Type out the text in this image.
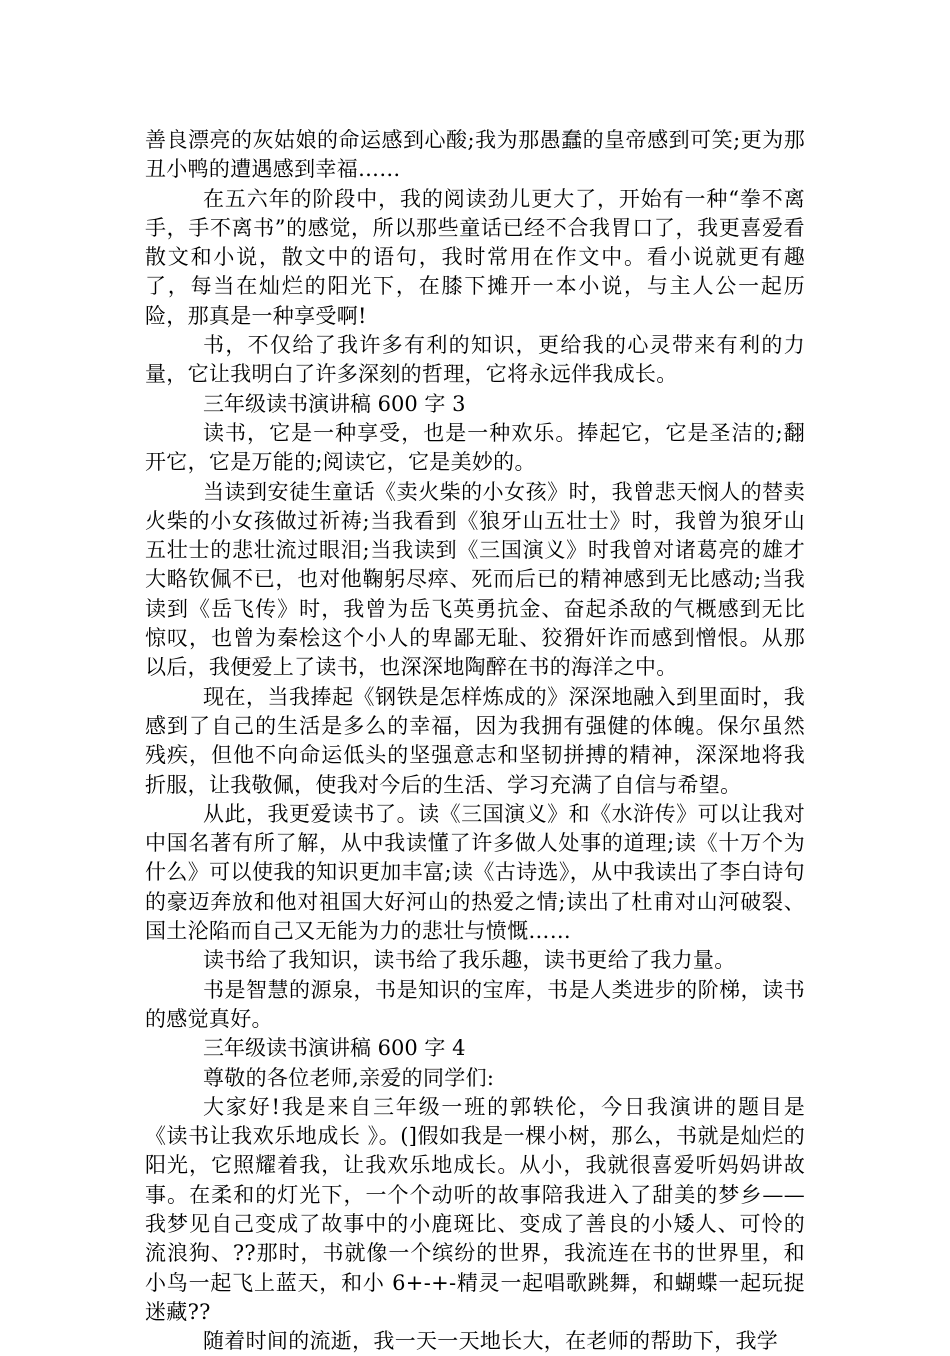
善良漂亮的灰姑娘的命运感到心酸;我为那愚蠢的皇帝感到可笑;更为那丑小鸭的遭遇感到幸福……

在五六年的阶段中，我的阅读劲儿更大了，开始有一种“拳不离手，手不离书”的感觉，所以那些童话已经不合我胃口了，我更喜爱看散文和小说，散文中的语句，我时常用在作文中。看小说就更有趣了，每当在灿烂的阳光下，在膝下摊开一本小说，与主人公一起历险，那真是一种享受啊!

书，不仅给了我许多有利的知识，更给我的心灵带来有利的力量，它让我明白了许多深刻的哲理，它将永远伴我成长。

三年级读书演讲稿 600 字 3

读书，它是一种享受，也是一种欢乐。捧起它，它是圣洁的;翻开它，它是万能的;阅读它，它是美妙的。

当读到安徒生童话《卖火柴的小女孩》时，我曾悲天悯人的替卖火柴的小女孩做过祈祷;当我看到《狼牙山五壮士》时，我曾为狼牙山五壮士的悲壮流过眼泪;当我读到《三国演义》时我曾对诸葛亮的雄才大略钦佩不已，也对他鞠躬尽瘁、死而后已的精神感到无比感动;当我读到《岳飞传》时，我曾为岳飞英勇抗金、奋起杀敌的气概感到无比惊叹，也曾为秦桧这个小人的卑鄙无耻、狡猾奸诈而感到憎恨。从那以后，我便爱上了读书，也深深地陶醉在书的海洋之中。

现在，当我捧起《钢铁是怎样炼成的》深深地融入到里面时，我感到了自己的生活是多么的幸福，因为我拥有强健的体魄。保尔虽然残疾，但他不向命运低头的坚强意志和坚韧拼搏的精神，深深地将我折服，让我敬佩，使我对今后的生活、学习充满了自信与希望。

从此，我更爱读书了。读《三国演义》和《水浒传》可以让我对中国名著有所了解，从中我读懂了许多做人处事的道理;读《十万个为什么》可以使我的知识更加丰富;读《古诗选》，从中我读出了李白诗句的豪迈奔放和他对祖国大好河山的热爱之情;读出了杜甫对山河破裂、国土沦陷而自己又无能为力的悲壮与愤慨……

读书给了我知识，读书给了我乐趣，读书更给了我力量。

书是智慧的源泉，书是知识的宝库，书是人类进步的阶梯，读书的感觉真好。

三年级读书演讲稿 600 字 4

尊敬的各位老师,亲爱的同学们:

大家好!我是来自三年级一班的郭轶伦，今日我演讲的题目是《读书让我欢乐地成长 》。(]假如我是一棵小树，那么，书就是灿烂的阳光，它照耀着我，让我欢乐地成长。从小，我就很喜爱听妈妈讲故事。在柔和的灯光下，一个个动听的故事陪我进入了甜美的梦乡——我梦见自己变成了故事中的小鹿斑比、变成了善良的小矮人、可怜的流浪狗、??那时，书就像一个缤纷的世界，我流连在书的世界里，和小鸟一起飞上蓝天，和小 6+-+-精灵一起唱歌跳舞，和蝴蝶一起玩捉迷藏??

随着时间的流逝，我一天一天地长大，在老师的帮助下，我学
